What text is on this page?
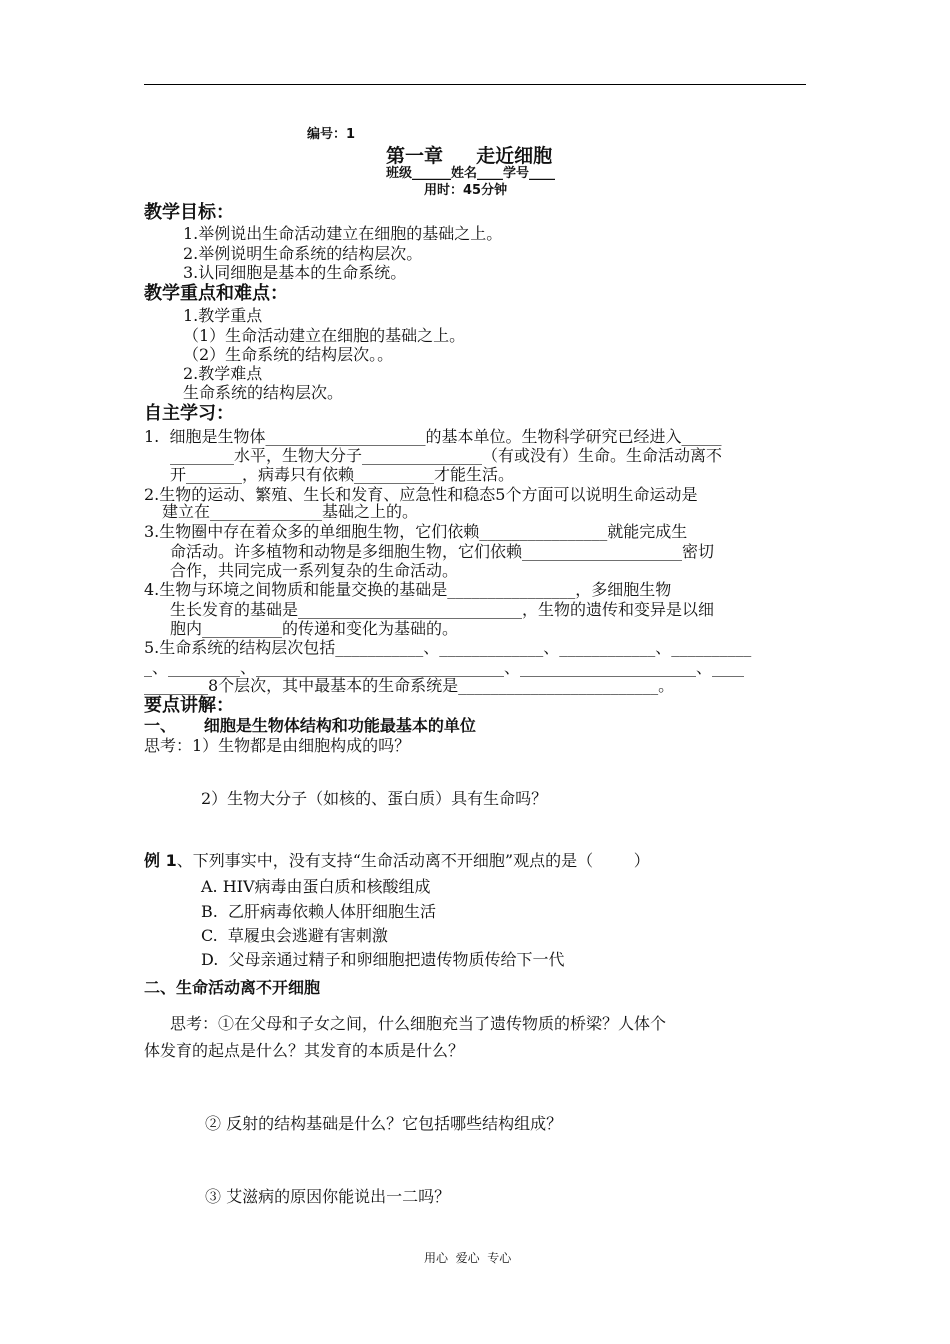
编号：1
第一章     走近细胞
班级______姓名____学号____
用时：45分钟
教学目标：
1.举例说出生命活动建立在细胞的基础之上。
2.举例说明生命系统的结构层次。
3.认同细胞是基本的生命系统。
教学重点和难点：
1.教学重点
（1）生命活动建立在细胞的基础之上。
（2）生命系统的结构层次。。
2.教学难点
生命系统的结构层次。
自主学习：
1.  细胞是生物体____________________的基本单位。生物科学研究已经进入_____
________水平，生物大分子_______________（有或没有）生命。生命活动离不
开_______，病毒只有依赖__________才能生活。
2.生物的运动、繁殖、生长和发育、应急性和稳态5个方面可以说明生命运动是
建立在______________基础之上的。
3.生物圈中存在着众多的单细胞生物，它们依赖________________就能完成生
命活动。许多植物和动物是多细胞生物，它们依赖____________________密切
合作，共同完成一系列复杂的生命活动。
4.生物与环境之间物质和能量交换的基础是________________，多细胞生物
生长发育的基础是____________________________，生物的遗传和变异是以细
胞内__________的传递和变化为基础的。
5.生命系统的结构层次包括___________、_____________、____________、__________
_、_________、_______________________________、______________________、____
________8个层次，其中最基本的生命系统是_________________________。
要点讲解：
一、     细胞是生物体结构和功能最基本的单位
思考：1）生物都是由细胞构成的吗？
2）生物大分子（如核的、蛋白质）具有生命吗？
例 1、下列事实中，没有支持“生命活动离不开细胞”观点的是（        ）
A. HIV病毒由蛋白质和核酸组成
B.  乙肝病毒依赖人体肝细胞生活
C.  草履虫会逃避有害刺激
D.  父母亲通过精子和卵细胞把遗传物质传给下一代
二、生命活动离不开细胞
思考：①在父母和子女之间，什么细胞充当了遗传物质的桥梁？人体个
体发育的起点是什么？其发育的本质是什么？
② 反射的结构基础是什么？它包括哪些结构组成？
③ 艾滋病的原因你能说出一二吗？
用心  爱心  专心
